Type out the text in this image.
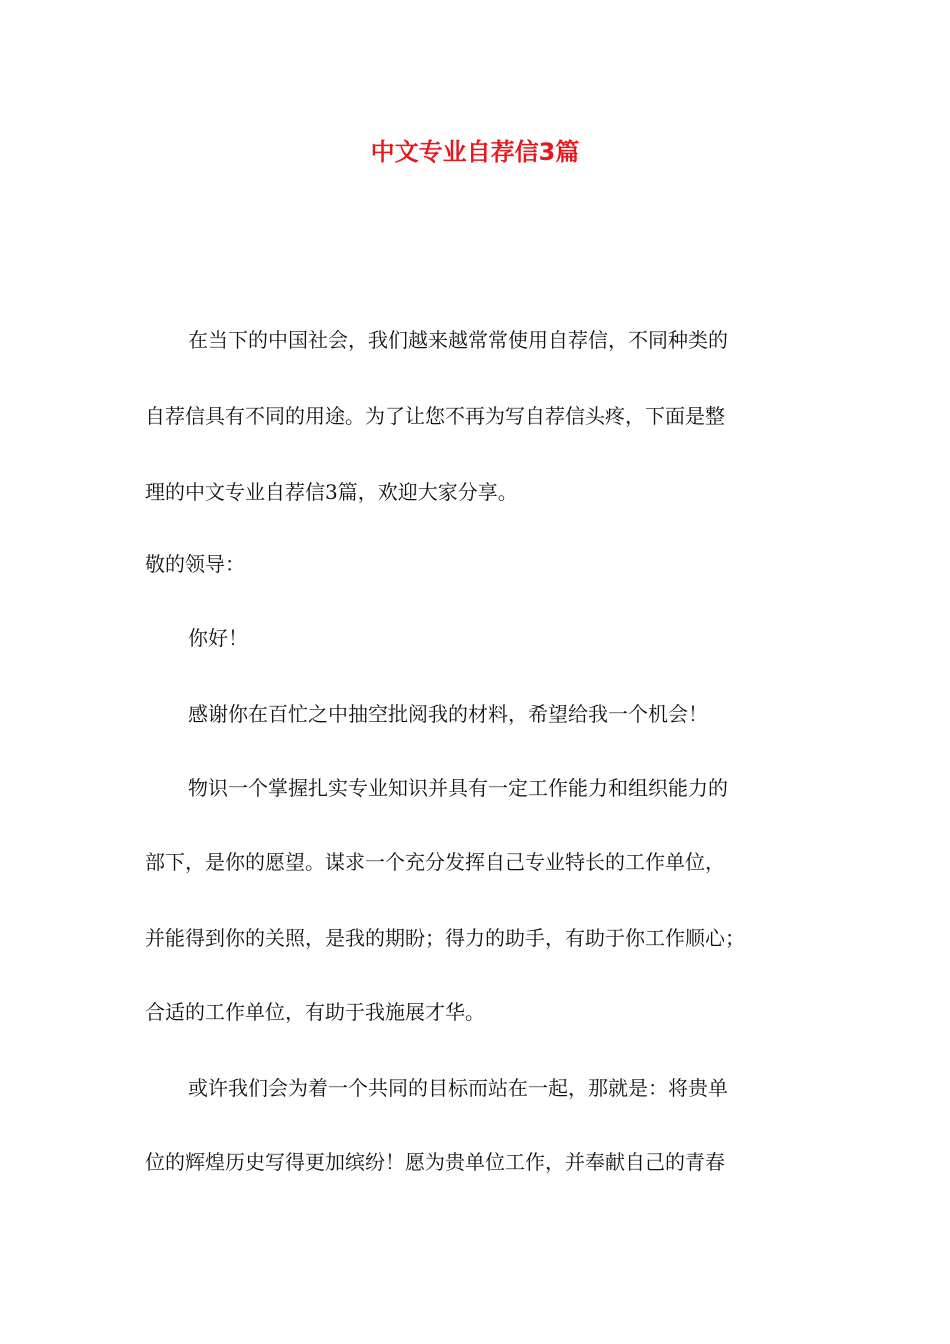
中文专业自荐信3篇
在当下的中国社会，我们越来越常常使用自荐信，不同种类的
自荐信具有不同的用途。为了让您不再为写自荐信头疼，下面是整
理的中文专业自荐信3篇，欢迎大家分享。
敬的领导：
你好！
感谢你在百忙之中抽空批阅我的材料，希望给我一个机会！
物识一个掌握扎实专业知识并具有一定工作能力和组织能力的
部下，是你的愿望。谋求一个充分发挥自己专业特长的工作单位，
并能得到你的关照，是我的期盼；得力的助手，有助于你工作顺心；
合适的工作单位，有助于我施展才华。
或许我们会为着一个共同的目标而站在一起，那就是：将贵单
位的辉煌历史写得更加缤纷！愿为贵单位工作，并奉献自己的青春
